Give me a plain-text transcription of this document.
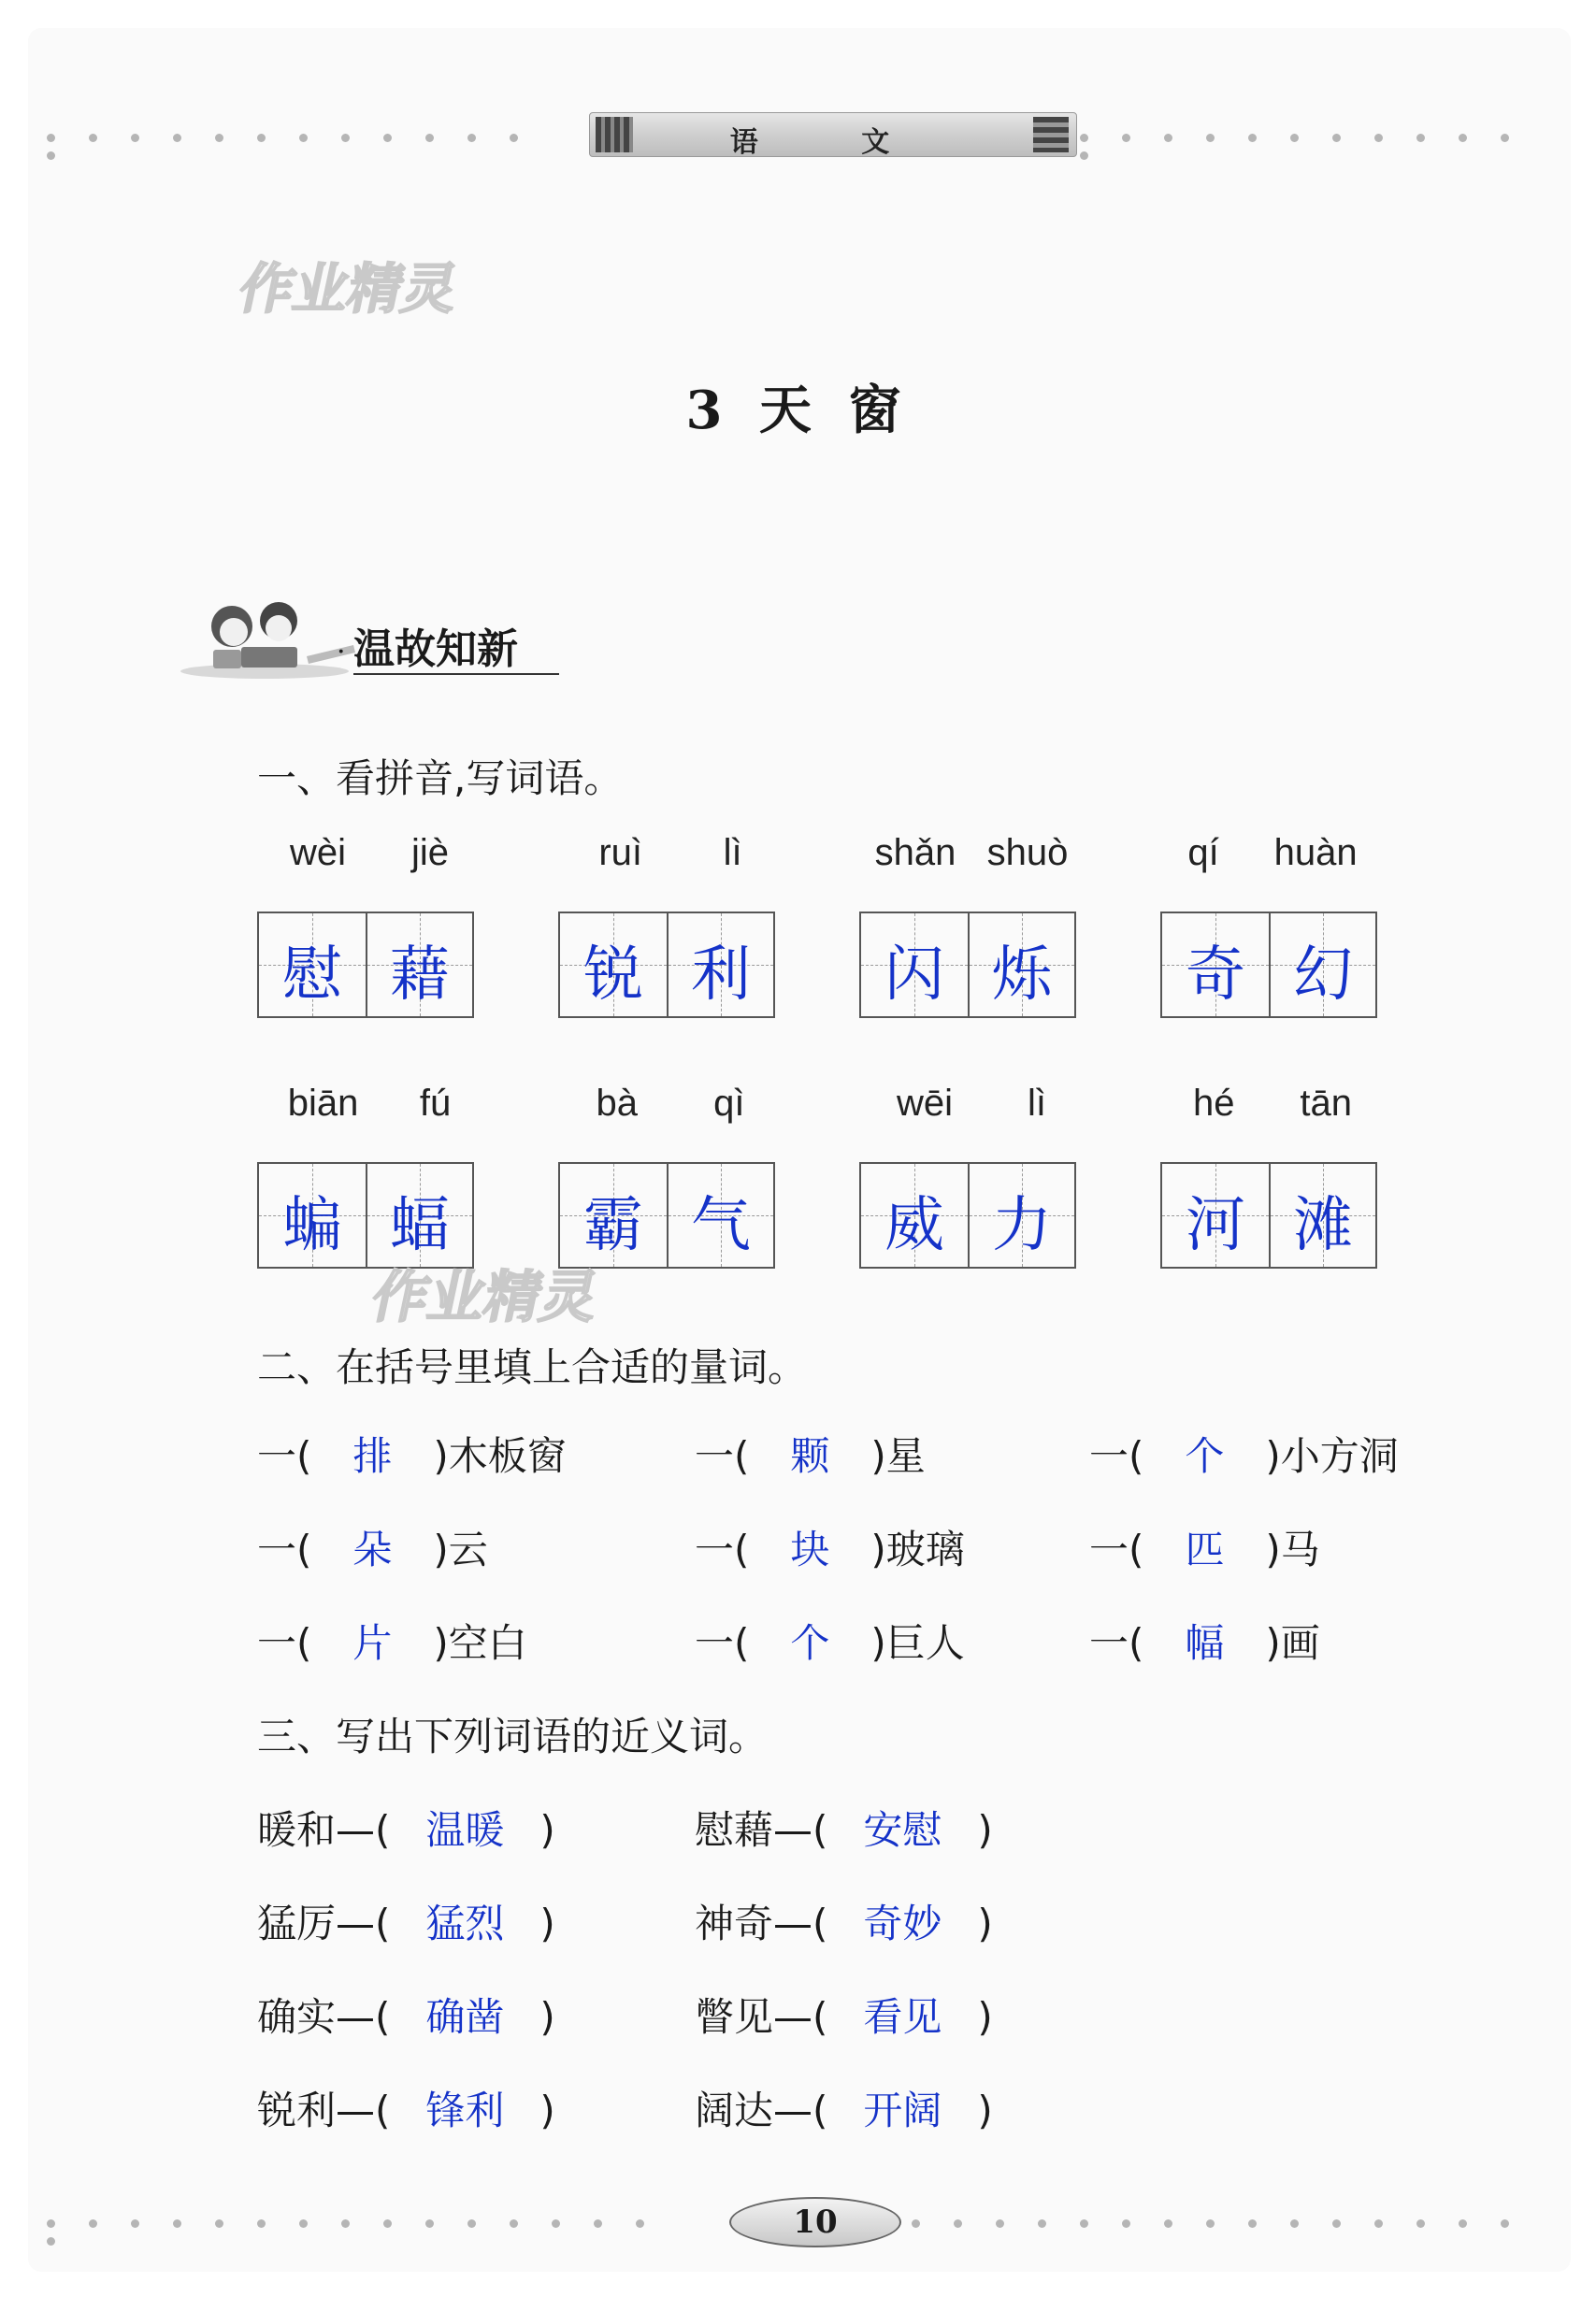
语 文
作业精灵
3 天 窗
· 温故知新
一、看拼音,写词语。
wèi jiè
慰 藉
ruì lì
锐 利
shǎn shuò
闪 烁
qí huàn
奇 幻
biān fú
蝙 蝠
bà qì
霸 气
wēi lì
威 力
hé tān
河 滩
作业精灵
二、在括号里填上合适的量词。
一( 排 )木板窗	一( 颗 )星	一( 个 )小方洞
一( 朵 )云	一( 块 )玻璃	一( 匹 )马
一( 片 )空白	一( 个 )巨人	一( 幅 )画
三、写出下列词语的近义词。
暖和—( 温暖 )	慰藉—( 安慰 )
猛厉—( 猛烈 )	神奇—( 奇妙 )
确实—( 确凿 )	瞥见—( 看见 )
锐利—( 锋利 )	阔达—( 开阔 )
10
